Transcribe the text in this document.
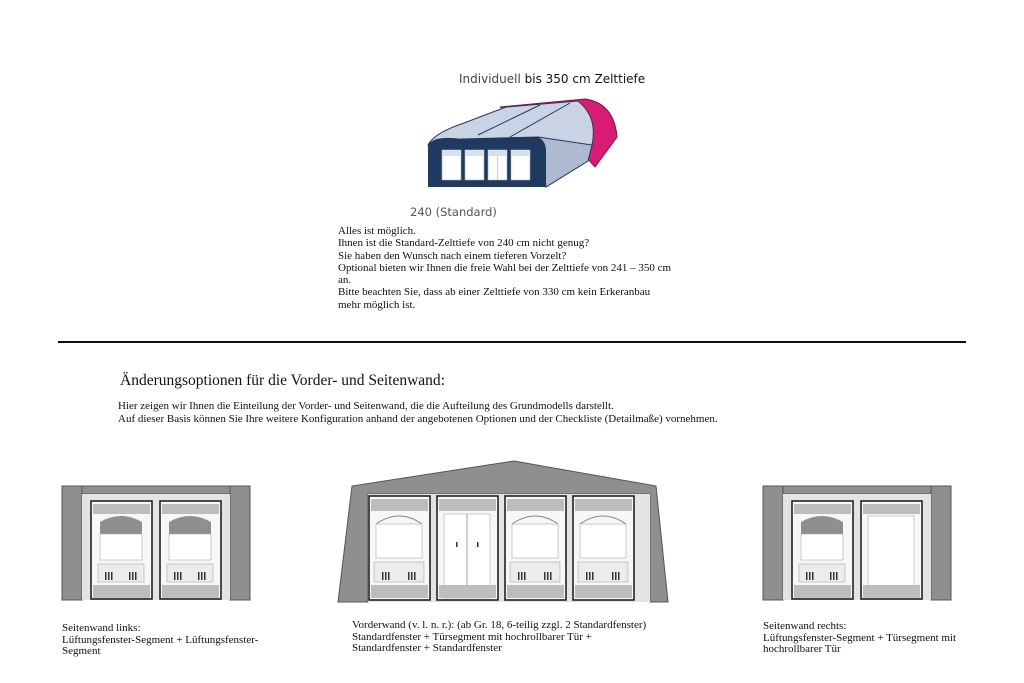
Individuell bis 350 cm Zelttiefe
240 (Standard)
Alles ist möglich.
Ihnen ist die Standard-Zelttiefe von 240 cm nicht genug?
Sie haben den Wunsch nach einem tieferen Vorzelt?
Optional bieten wir Ihnen die freie Wahl bei der Zelttiefe von 241 – 350 cm
an.
Bitte beachten Sie, dass ab einer Zelttiefe von 330 cm kein Erkeranbau
mehr möglich ist.
Änderungsoptionen für die Vorder- und Seitenwand:
Hier zeigen wir Ihnen die Einteilung der Vorder- und Seitenwand, die die Aufteilung des Grundmodells darstellt.
Auf dieser Basis können Sie Ihre weitere Konfiguration anhand der angebotenen Optionen und der Checkliste (Detailmaße) vornehmen.
Seitenwand links:
Lüftungsfenster-Segment + Lüftungsfenster-
Segment
Vorderwand (v. l. n. r.): (ab Gr. 18, 6-teilig zzgl. 2 Standardfenster)
Standardfenster + Türsegment mit hochrollbarer Tür +
Standardfenster + Standardfenster
Seitenwand rechts:
Lüftungsfenster-Segment + Türsegment mit
hochrollbarer Tür
